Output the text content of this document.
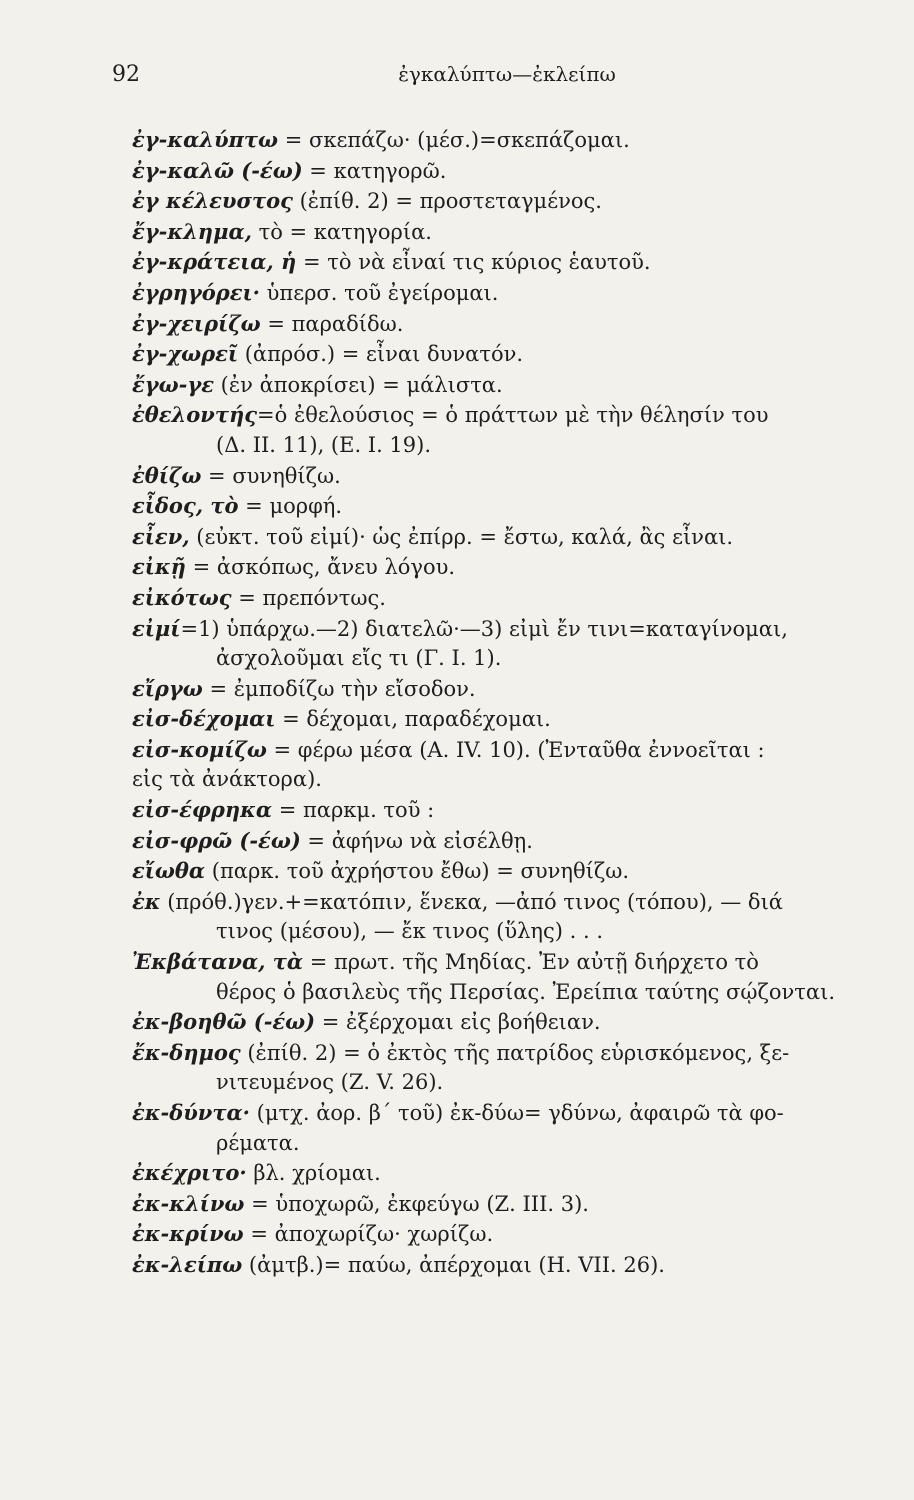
92	ἐγκαλύπτω—ἐκλείπω
ἐγ-καλύπτω = σκεπάζω· (μέσ.)=σκεπάζομαι.
ἐγ-καλῶ (-έω) = κατηγορῶ.
ἐγ κέλευστος (ἐπίθ. 2) = προστεταγμένος.
ἔγ-κλημα, τὸ = κατηγορία.
ἐγ-κράτεια, ἡ = τὸ νὰ εἶναί τις κύριος ἑαυτοῦ.
ἐγρηγόρει· ὑπερσ. τοῦ ἐγείρομαι.
ἐγ-χειρίζω = παραδίδω.
ἐγ-χωρεῖ (ἀπρόσ.) = εἶναι δυνατόν.
ἔγω-γε (ἐν ἀποκρίσει) = μάλιστα.
ἐθελοντής=ὁ ἐθελούσιος = ὁ πράττων μὲ τὴν θέλησίν του
(Δ. ΙΙ. 11), (Ε. Ι. 19).
ἐθίζω = συνηθίζω.
εἶδος, τὸ = μορφή.
εἶεν, (εὐκτ. τοῦ εἰμί)· ὡς ἐπίρρ. = ἔστω, καλά, ἂς εἶναι.
εἰκῇ = ἀσκόπως, ἄνευ λόγου.
εἰκότως = πρεπόντως.
εἰμί=1) ὑπάρχω.—2) διατελῶ·—3) εἰμὶ ἔν τινι=καταγίνομαι,
ἀσχολοῦμαι εἴς τι (Γ. Ι. 1).
εἴργω = ἐμποδίζω τὴν εἴσοδον.
εἰσ-δέχομαι = δέχομαι, παραδέχομαι.
εἰσ-κομίζω = φέρω μέσα (Α. IV. 10). (Ἐνταῦθα ἐννοεῖται :
εἰς τὰ ἀνάκτορα).
εἰσ-έφρηκα = παρκμ. τοῦ :
εἰσ-φρῶ (-έω) = ἀφήνω νὰ εἰσέλθῃ.
εἴωθα (παρκ. τοῦ ἀχρήστου ἔθω) = συνηθίζω.
ἐκ (πρόθ.)γεν.+=κατόπιν, ἕνεκα, —ἀπό τινος (τόπου), — διά
τινος (μέσου), — ἔκ τινος (ὕλης) . . .
Ἐκβάτανα, τὰ = πρωτ. τῆς Μηδίας. Ἐν αὐτῇ διήρχετο τὸ
θέρος ὁ βασιλεὺς τῆς Περσίας. Ἐρείπια ταύτης σῴζονται.
ἐκ-βοηθῶ (-έω) = ἐξέρχομαι εἰς βοήθειαν.
ἔκ-δημος (ἐπίθ. 2) = ὁ ἐκτὸς τῆς πατρίδος εὑρισκόμενος, ξε-
νιτευμένος (Ζ. V. 26).
ἐκ-δύντα· (μτχ. ἀορ. β΄ τοῦ) ἐκ-δύω= γδύνω, ἀφαιρῶ τὰ φο-
ρέματα.
ἐκέχριτο· βλ. χρίομαι.
ἐκ-κλίνω = ὑποχωρῶ, ἐκφεύγω (Ζ. ΙΙΙ. 3).
ἐκ-κρίνω = ἀποχωρίζω· χωρίζω.
ἐκ-λείπω (ἀμτβ.)= παύω, ἀπέρχομαι (Η. VII. 26).
